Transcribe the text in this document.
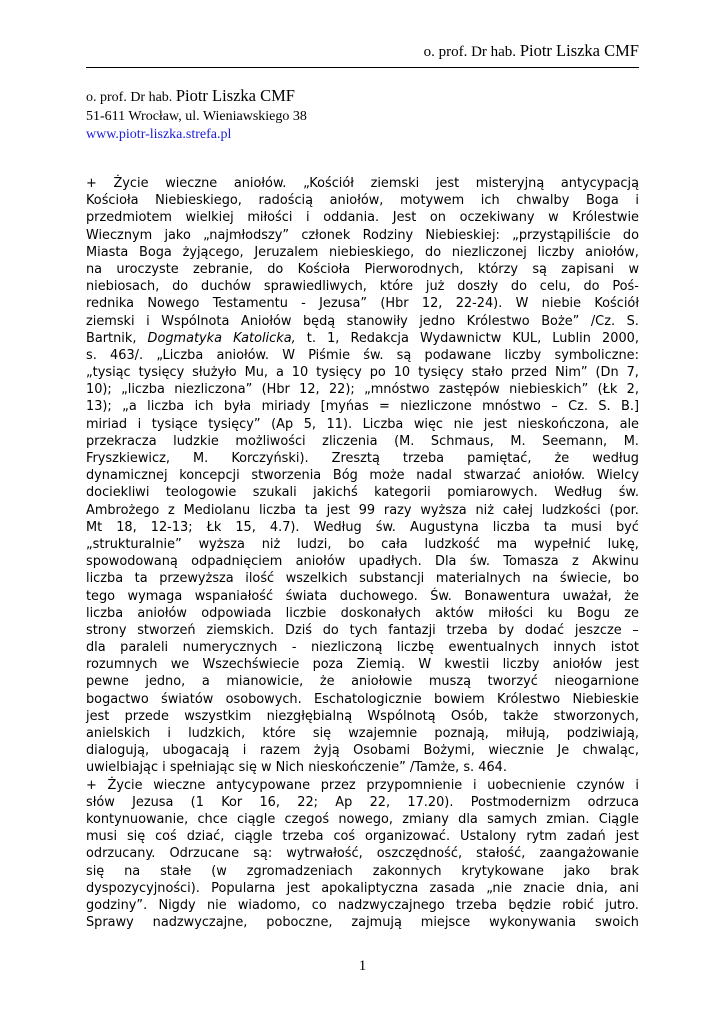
o. prof. Dr hab. Piotr Liszka CMF
o. prof. Dr hab. Piotr Liszka CMF
51-611 Wrocław, ul. Wieniawskiego 38
www.piotr-liszka.strefa.pl
+ Życie wieczne aniołów. „Kościół ziemski jest misteryjną antycypacją
Kościoła Niebieskiego, radością aniołów, motywem ich chwalby Boga i
przedmiotem wielkiej miłości i oddania. Jest on oczekiwany w Królestwie
Wiecznym jako „najmłodszy” członek Rodziny Niebieskiej: „przystąpiliście do
Miasta Boga żyjącego, Jeruzalem niebieskiego, do niezliczonej liczby aniołów,
na uroczyste zebranie, do Kościoła Pierworodnych, którzy są zapisani w
niebiosach, do duchów sprawiedliwych, które już doszły do celu, do Poś-
rednika Nowego Testamentu - Jezusa” (Hbr 12, 22-24). W niebie Kościół
ziemski i Wspólnota Aniołów będą stanowiły jedno Królestwo Boże” /Cz. S.
Bartnik, Dogmatyka Katolicka, t. 1, Redakcja Wydawnictw KUL, Lublin 2000,
s. 463/. „Liczba aniołów. W Piśmie św. są podawane liczby symboliczne:
„tysiąc tysięcy służyło Mu, a 10 tysięcy po 10 tysięcy stało przed Nim” (Dn 7,
10); „liczba niezliczona” (Hbr 12, 22); „mnóstwo zastępów niebieskich” (Łk 2,
13); „a liczba ich była miriady [myńas = niezliczone mnóstwo – Cz. S. B.]
miriad i tysiące tysięcy” (Ap 5, 11). Liczba więc nie jest nieskończona, ale
przekracza ludzkie możliwości zliczenia (M. Schmaus, M. Seemann, M.
Fryszkiewicz, M. Korczyński). Zresztą trzeba pamiętać, że według
dynamicznej koncepcji stworzenia Bóg może nadal stwarzać aniołów. Wielcy
dociekliwi teologowie szukali jakichś kategorii pomiarowych. Według św.
Ambrożego z Mediolanu liczba ta jest 99 razy wyższa niż całej ludzkości (por.
Mt 18, 12-13; Łk 15, 4.7). Według św. Augustyna liczba ta musi być
„strukturalnie” wyższa niż ludzi, bo cała ludzkość ma wypełnić lukę,
spowodowaną odpadnięciem aniołów upadłych. Dla św. Tomasza z Akwinu
liczba ta przewyższa ilość wszelkich substancji materialnych na świecie, bo
tego wymaga wspaniałość świata duchowego. Św. Bonawentura uważał, że
liczba aniołów odpowiada liczbie doskonałych aktów miłości ku Bogu ze
strony stworzeń ziemskich. Dziś do tych fantazji trzeba by dodać jeszcze –
dla paraleli numerycznych - niezliczoną liczbę ewentualnych innych istot
rozumnych we Wszechświecie poza Ziemią. W kwestii liczby aniołów jest
pewne jedno, a mianowicie, że aniołowie muszą tworzyć nieogarnione
bogactwo światów osobowych. Eschatologicznie bowiem Królestwo Niebieskie
jest przede wszystkim niezgłębialną Wspólnotą Osób, także stworzonych,
anielskich i ludzkich, które się wzajemnie poznają, miłują, podziwiają,
dialogują, ubogacają i razem żyją Osobami Bożymi, wiecznie Je chwaląc,
uwielbiając i spełniając się w Nich nieskończenie” /Tamże, s. 464.
+ Życie wieczne antycypowane przez przypomnienie i uobecnienie czynów i
słów Jezusa (1 Kor 16, 22; Ap 22, 17.20). Postmodernizm odrzuca
kontynuowanie, chce ciągle czegoś nowego, zmiany dla samych zmian. Ciągle
musi się coś dziać, ciągle trzeba coś organizować. Ustalony rytm zadań jest
odrzucany. Odrzucane są: wytrwałość, oszczędność, stałość, zaangażowanie
się na stałe (w zgromadzeniach zakonnych krytykowane jako brak
dyspozycyjności). Popularna jest apokaliptyczna zasada „nie znacie dnia, ani
godziny”. Nigdy nie wiadomo, co nadzwyczajnego trzeba będzie robić jutro.
Sprawy nadzwyczajne, poboczne, zajmują miejsce wykonywania swoich
1
